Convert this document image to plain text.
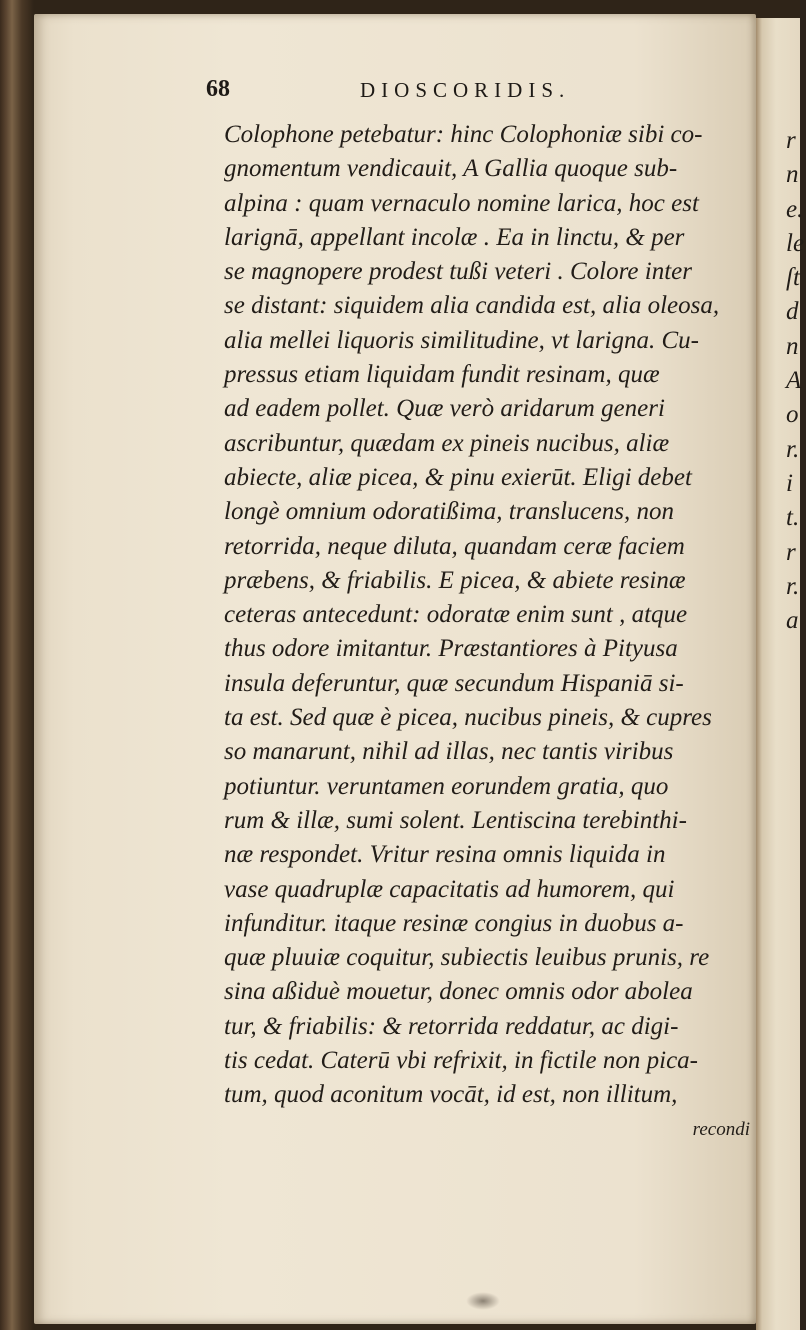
68	DIOSCORIDIS.
Colophone petebatur: hinc Colophoniæ sibi co-
gnomentum vendicauit, A Gallia quoque sub-
alpina : quam vernaculo nomine larica, hoc est
larignā, appellant incolæ . Ea in linctu, & per
se magnopere prodest tußi veteri . Colore inter
se distant: siquidem alia candida est, alia oleosa,
alia mellei liquoris similitudine, vt larigna. Cu-
pressus etiam liquidam fundit resinam, quæ
ad eadem pollet. Quæ verò aridarum generi
ascribuntur, quædam ex pineis nucibus, aliæ
abiecte, aliæ picea, & pinu exierūt. Eligi debet
longè omnium odoratißima, translucens, non
retorrida, neque diluta, quandam ceræ faciem
præbens, & friabilis. E picea, & abiete resinæ
ceteras antecedunt: odoratæ enim sunt , atque
thus odore imitantur. Præstantiores à Pityusa
insula deferuntur, quæ secundum Hispaniā si-
ta est. Sed quæ è picea, nucibus pineis, & cupres
so manarunt, nihil ad illas, nec tantis viribus
potiuntur. veruntamen eorundem gratia, quo
rum & illæ, sumi solent. Lentiscina terebinthi-
næ respondet. Vritur resina omnis liquida in
vase quadruplæ capacitatis ad humorem, qui
infunditur. itaque resinæ congius in duobus a-
quæ pluuiæ coquitur, subiectis leuibus prunis, re
sina aßiduè mouetur, donec omnis odor abolea
tur, & friabilis: & retorrida reddatur, ac digi-
tis cedat. Caterū vbi refrixit, in fictile non pica-
tum, quod aconitum vocāt, id est, non illitum,
recondi
r
n
e.
le
ſt
d
n
A
o
r.
i
t.
r
r.
a
